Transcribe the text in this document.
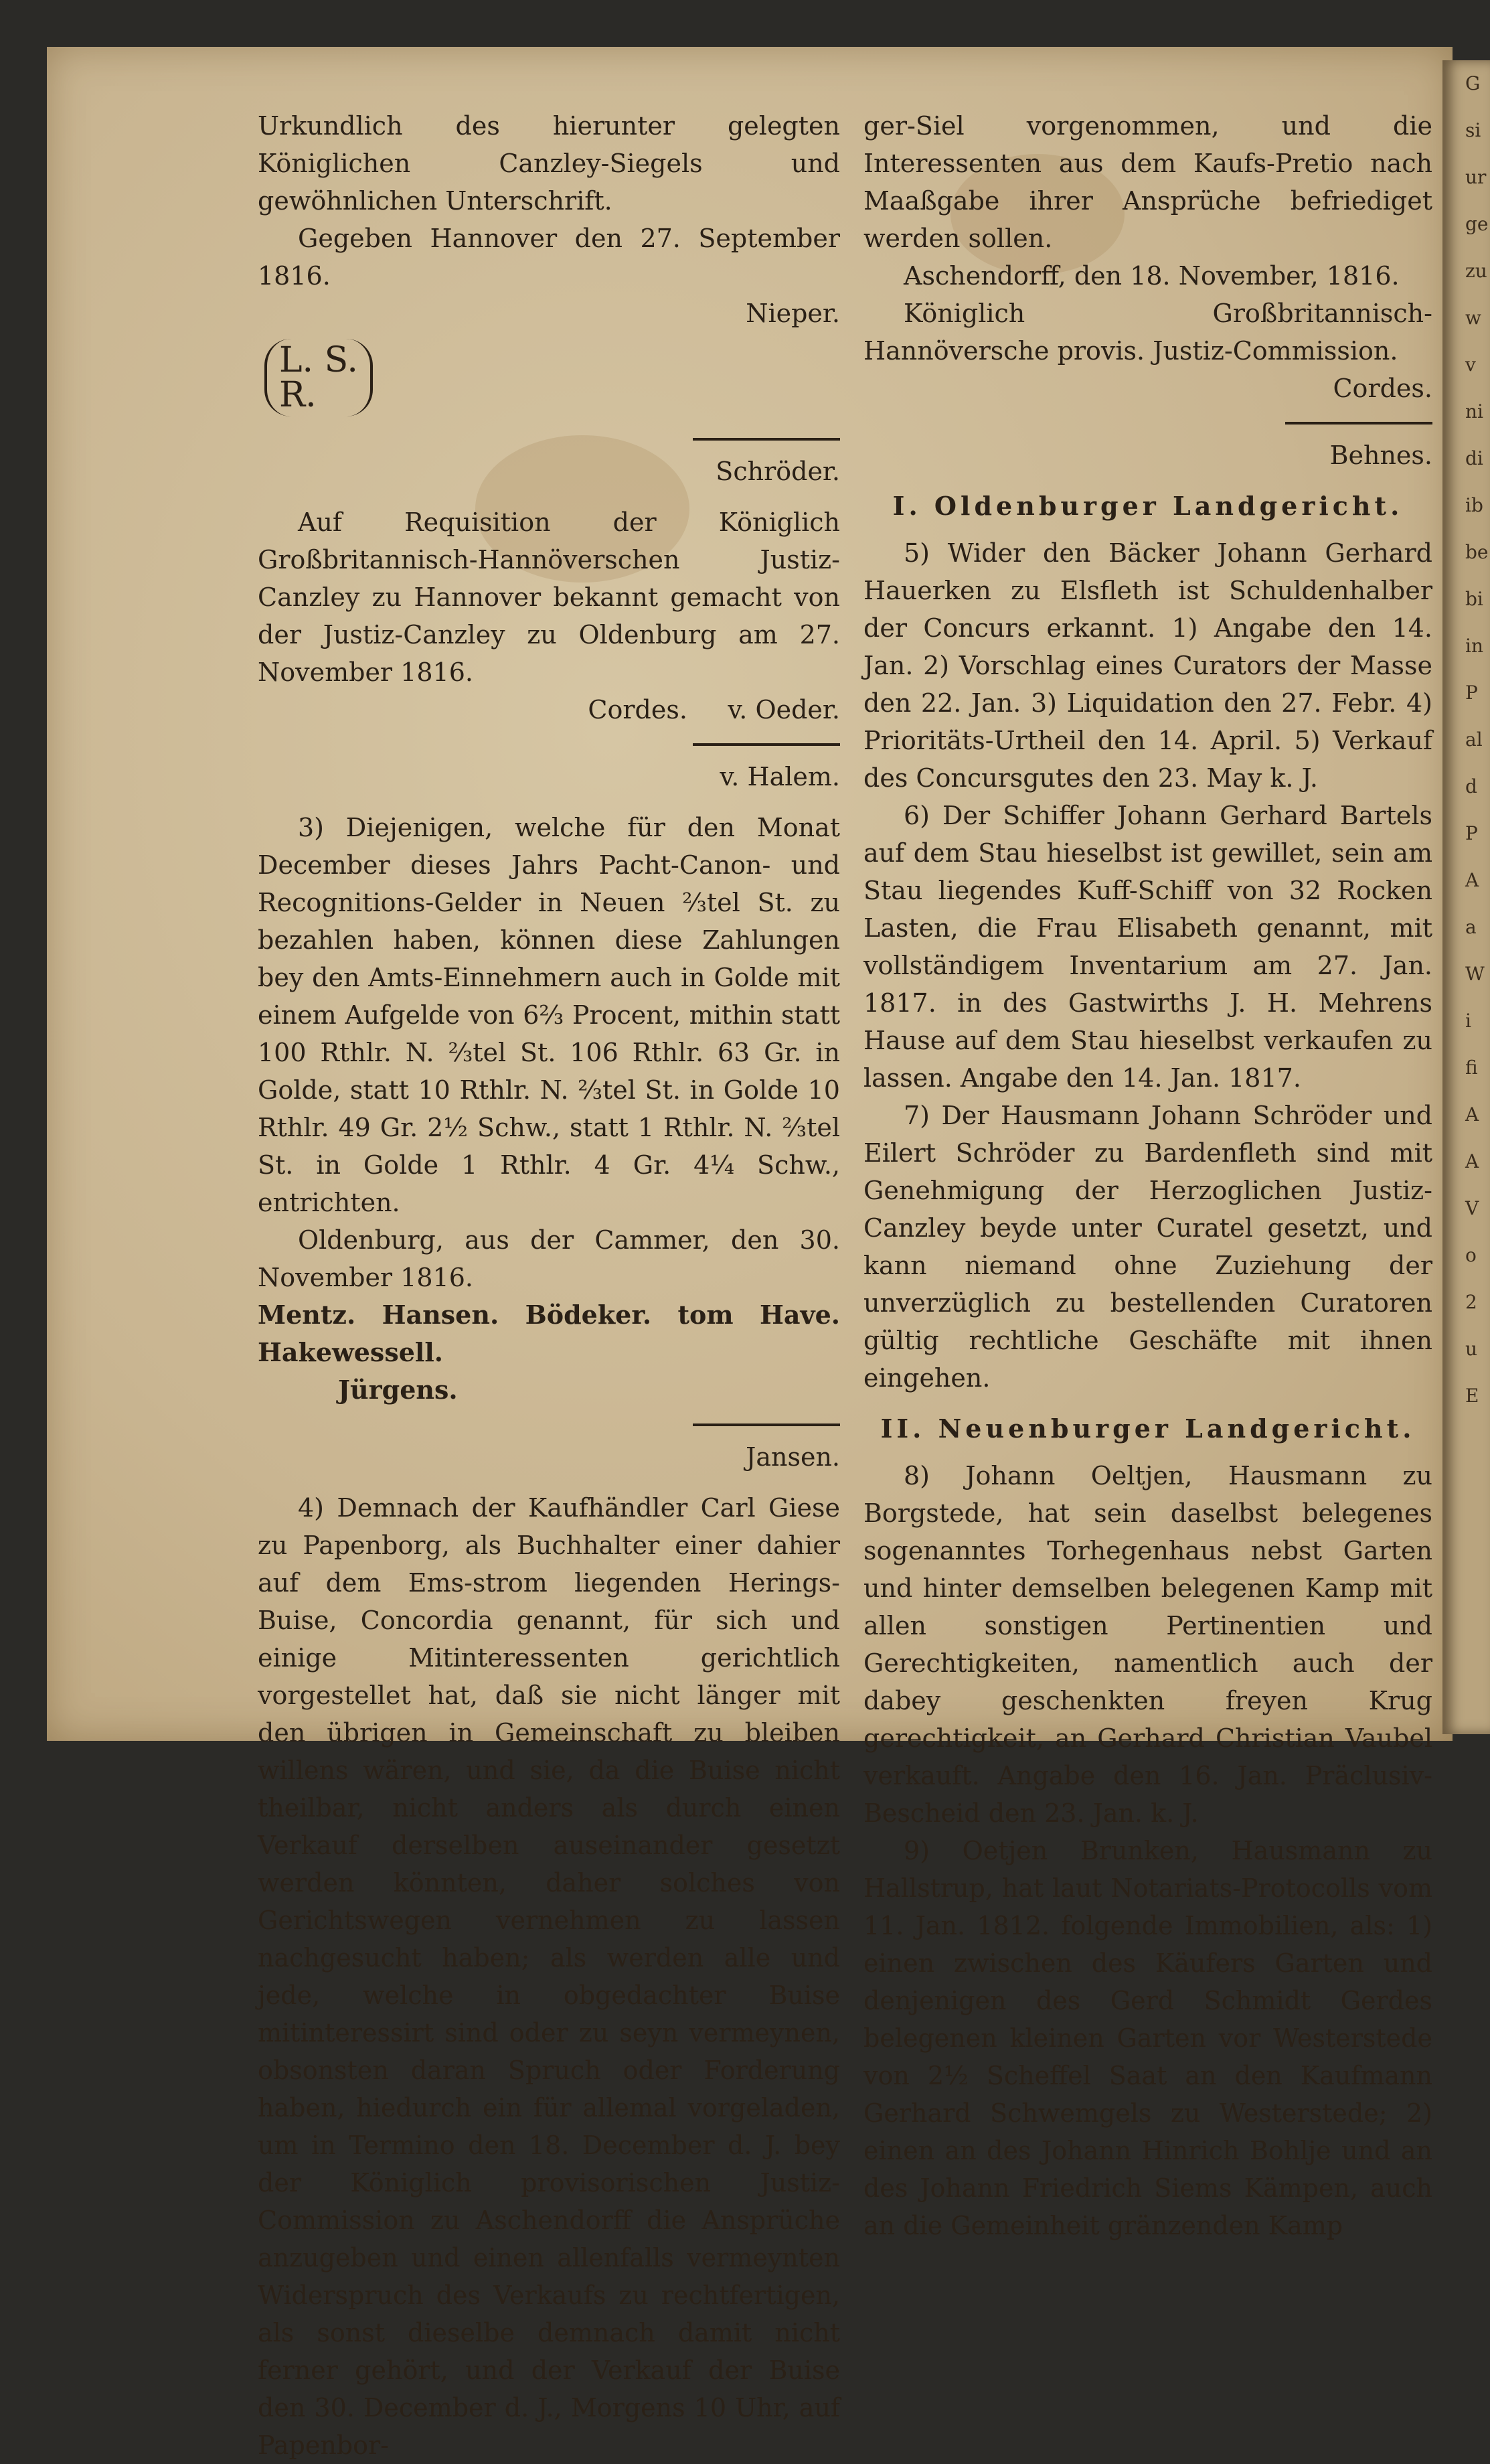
Urkundlich des hierunter gelegten Königlichen Canzley-Siegels und gewöhnlichen Unterschrift.

Gegeben Hannover den 27. September 1816.

Nieper.

L. S.
R.

Schröder.

Auf Requisition der Königlich Großbritannisch-Hannöverschen Justiz-Canzley zu Hannover bekannt gemacht von der Justiz-Canzley zu Oldenburg am 27. November 1816.

Cordes. v. Oeder.

v. Halem.

3) Diejenigen, welche für den Monat December dieses Jahrs Pacht-Canon- und Recognitions-Gelder in Neuen ⅔tel St. zu bezahlen haben, können diese Zahlungen bey den Amts-Einnehmern auch in Golde mit einem Aufgelde von 6⅔ Procent, mithin statt 100 Rthlr. N. ⅔tel St. 106 Rthlr. 63 Gr. in Golde, statt 10 Rthlr. N. ⅔tel St. in Golde 10 Rthlr. 49 Gr. 2½ Schw., statt 1 Rthlr. N. ⅔tel St. in Golde 1 Rthlr. 4 Gr. 4¼ Schw., entrichten.

Oldenburg, aus der Cammer, den 30. November 1816.

Mentz. Hansen. Bödeker. tom Have. Hakewessell.

Jürgens.

Jansen.

4) Demnach der Kaufhändler Carl Giese zu Papenborg, als Buchhalter einer dahier auf dem Ems-strom liegenden Herings-Buise, Concordia genannt, für sich und einige Mitinteressenten gerichtlich vorgestellet hat, daß sie nicht länger mit den übrigen in Gemeinschaft zu bleiben willens wären, und sie, da die Buise nicht theilbar, nicht anders als durch einen Verkauf derselben auseinander gesetzt werden könnten, daher solches von Gerichtswegen vernehmen zu lassen nachgesucht haben; als werden alle und jede, welche in obgedachter Buise mitinteressirt sind oder zu seyn vermeynen, obsonsten daran Spruch oder Forderung haben, hiedurch ein für allemal vorgeladen, um in Termino den 18. December d. J. bey der Königlich provisorischen Justiz-Commission zu Aschendorff die Ansprüche anzugeben und einen allenfalls vermeynten Widerspruch des Verkaufs zu rechtfertigen, als sonst dieselbe demnach damit nicht ferner gehört, und der Verkauf der Buise den 30. December d. J., Morgens 10 Uhr, auf Papenbor-

ger-Siel vorgenommen, und die Interessenten aus dem Kaufs-Pretio nach Maaßgabe ihrer Ansprüche befriediget werden sollen.

Aschendorff, den 18. November, 1816.

Königlich Großbritannisch-Hannöversche provis. Justiz-Commission.

Cordes.

Behnes.

I. Oldenburger Landgericht.

5) Wider den Bäcker Johann Gerhard Hauerken zu Elsfleth ist Schuldenhalber der Concurs erkannt. 1) Angabe den 14. Jan. 2) Vorschlag eines Curators der Masse den 22. Jan. 3) Liquidation den 27. Febr. 4) Prioritäts-Urtheil den 14. April. 5) Verkauf des Concursgutes den 23. May k. J.

6) Der Schiffer Johann Gerhard Bartels auf dem Stau hieselbst ist gewillet, sein am Stau liegendes Kuff-Schiff von 32 Rocken Lasten, die Frau Elisabeth genannt, mit vollständigem Inventarium am 27. Jan. 1817. in des Gastwirths J. H. Mehrens Hause auf dem Stau hieselbst verkaufen zu lassen. Angabe den 14. Jan. 1817.

7) Der Hausmann Johann Schröder und Eilert Schröder zu Bardenfleth sind mit Genehmigung der Herzoglichen Justiz-Canzley beyde unter Curatel gesetzt, und kann niemand ohne Zuziehung der unverzüglich zu bestellenden Curatoren gültig rechtliche Geschäfte mit ihnen eingehen.

II. Neuenburger Landgericht.

8) Johann Oeltjen, Hausmann zu Borgstede, hat sein daselbst belegenes sogenanntes Torhegenhaus nebst Garten und hinter demselben belegenen Kamp mit allen sonstigen Pertinentien und Gerechtigkeiten, namentlich auch der dabey geschenkten freyen Krug gerechtigkeit, an Gerhard Christian Vaubel verkauft. Angabe den 16. Jan. Präclusiv-Bescheid den 23. Jan. k. J.

9) Oetjen Brunken, Hausmann zu Hallstrup, hat laut Notariats-Protocolls vom 11. Jan. 1812. folgende Immobilien, als: 1) einen zwischen des Käufers Garten und denjenigen des Gerd Schmidt Gerdes belegenen kleinen Garten vor Westerstede von 2½ Scheffel Saat an den Kaufmann Gerhard Schwemgels zu Westerstede; 2) einen an des Johann Hinrich Bohlje und an des Johann Friedrich Siems Kämpen, auch an die Gemeinheit gränzenden Kamp

G
si
ur
ge
zu
w
v
ni
di
ib
be
bi
in
P
al
d
P
A
a
W
i
fi
A
A
V
o
2
u
E
